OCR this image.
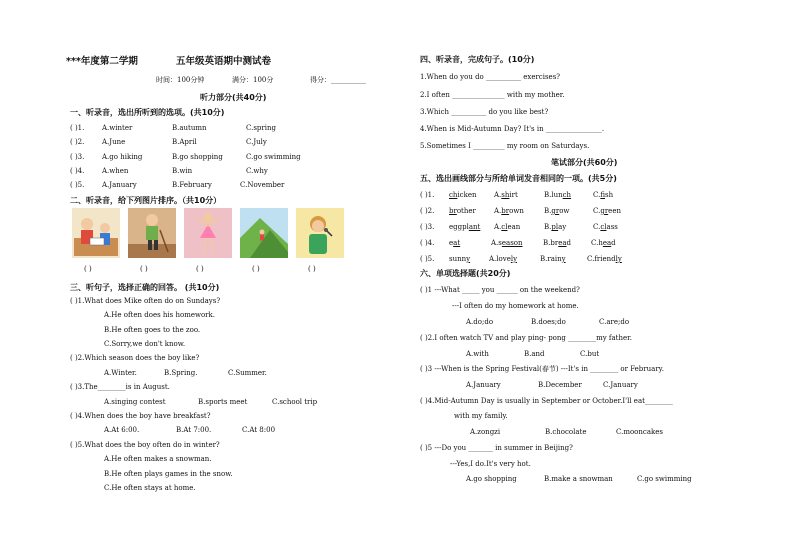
***年度第二学期	五年级英语期中测试卷
时间：100分钟	满分：100分	得分：__________
听力部分(共40分)
一、听录音，选出所听到的选项。(共10分)
( )1.	A.winter	B.autumn	C.spring
( )2.	A.June	B.April	C.July
( )3.	A.go hiking	B.go shopping	C.go swimming
( )4.	A.when	B.win	C.why
( )5.	A.January	B.February	C.November
二、听录音，给下列图片排序。（共10分）
( )	( )	( )	( )	( )
三、听句子，选择正确的回答。 (共10分)
( )1.What does Mike often do on Sundays?
A.He often does his homework.
B.He often goes to the zoo.
C.Sorry,we don't know.
( )2.Which season does the boy like?
A.Winter.	B.Spring.	C.Summer.
( )3.The________is in August.
A.singing contest	B.sports meet	C.school trip
( )4.When does the boy have breakfast?
A.At 6:00.	B.At 7:00.	C.At 8:00
( )5.What does the boy often do in winter?
A.He often makes a snowman.
B.He often plays games in the snow.
C.He often stays at home.
四、听录音，完成句子。(10分)
1.When do you do __________ exercises?
2.I often _______________ with my mother.
3.Which __________ do you like best?
4.When is Mid-Autumn Day? It's in ________________.
5.Sometimes I _________ my room on Saturdays.
笔试部分(共60分)
五、选出画线部分与所给单词发音相同的一项。(共5分)
( )1. chicken	A.shirt	B.lunch	C.fish
( )2. brother	A.brown	B.grow	C.green
( )3. eggplant A.clean	B.play	C.class
( )4. eat	A.season	B.bread	C.head
( )5. sunny	A.lovely	B.rainy	C.friendly
六、单项选择题(共20分)
( )1 ---What _____ you ______ on the weekend?
---I often do my homework at home.
A.do;do	B.does;do	C.are;do
( )2.I often watch TV and play ping- pong ________my father.
A.with	B.and	C.but
( )3 ---When is the Spring Festival(春节) ---It's in ________ or February.
A.January	B.December	C.January
( )4.Mid-Autumn Day is usually in September or October.I'll eat________
with my family.
A.zongzi	B.chocolate	C.mooncakes
( )5 ---Do you _______ in summer in Beijing?
---Yes,I do.It's very hot.
A.go shopping	B.make a snowman	C.go swimming
